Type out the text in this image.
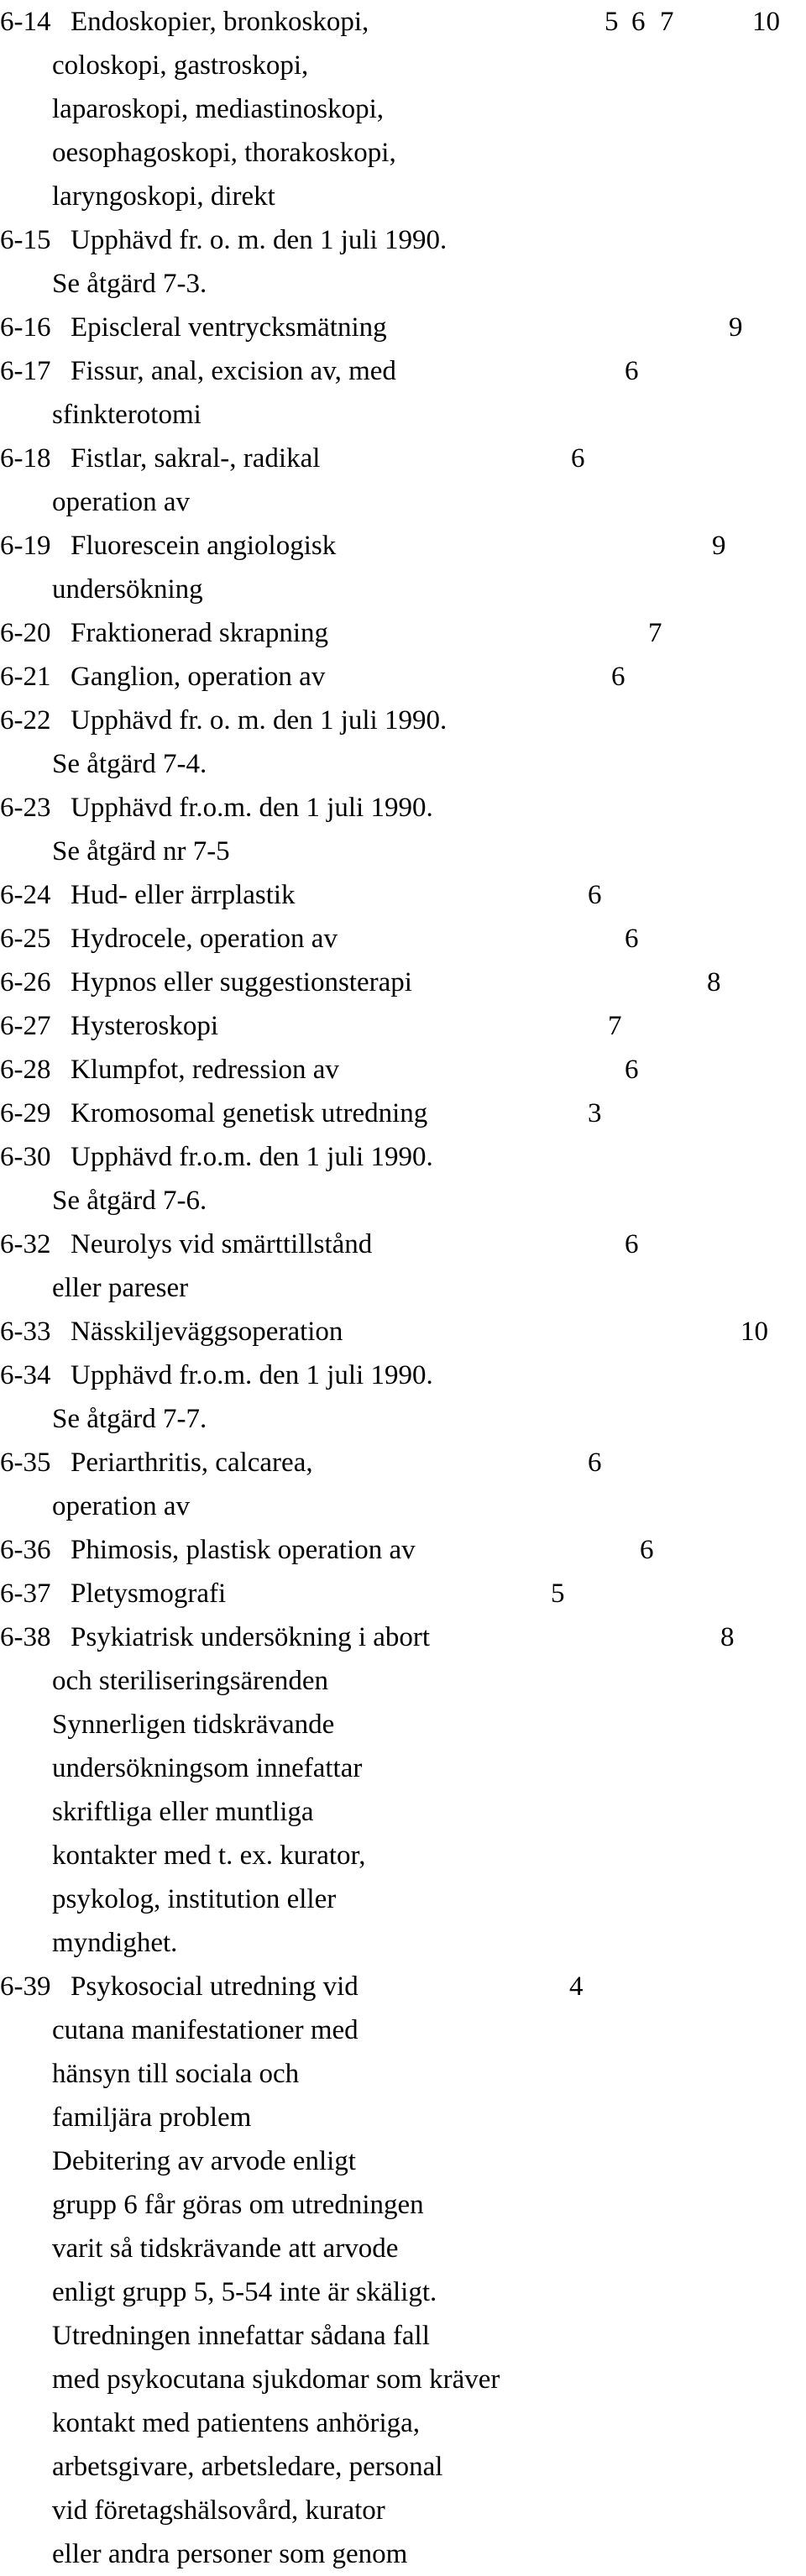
6-14 Endoskopier, bronkoskopi,	5 6 7	10
coloskopi, gastroskopi,
laparoskopi, mediastinoskopi,
oesophagoskopi, thorakoskopi,
laryngoskopi, direkt
6-15 Upphävd fr. o. m. den 1 juli 1990.
Se åtgärd 7-3.
6-16 Episcleral ventrycksmätning	9
6-17 Fissur, anal, excision av, med	6
sfinkterotomi
6-18 Fistlar, sakral-, radikal	6
operation av
6-19 Fluorescein angiologisk	9
undersökning
6-20 Fraktionerad skrapning	7
6-21 Ganglion, operation av	6
6-22 Upphävd fr. o. m. den 1 juli 1990.
Se åtgärd 7-4.
6-23 Upphävd fr.o.m. den 1 juli 1990.
Se åtgärd nr 7-5
6-24 Hud- eller ärrplastik	6
6-25 Hydrocele, operation av	6
6-26 Hypnos eller suggestionsterapi	8
6-27 Hysteroskopi	7
6-28 Klumpfot, redression av	6
6-29 Kromosomal genetisk utredning	3
6-30 Upphävd fr.o.m. den 1 juli 1990.
Se åtgärd 7-6.
6-32 Neurolys vid smärttillstånd	6
eller pareser
6-33 Nässkiljeväggsoperation	10
6-34 Upphävd fr.o.m. den 1 juli 1990.
Se åtgärd 7-7.
6-35 Periarthritis, calcarea,	6
operation av
6-36 Phimosis, plastisk operation av	6
6-37 Pletysmografi	5
6-38 Psykiatrisk undersökning i abort	8
och steriliseringsärenden
Synnerligen tidskrävande
undersökningsom innefattar
skriftliga eller muntliga
kontakter med t. ex. kurator,
psykolog, institution eller
myndighet.
6-39 Psykosocial utredning vid	4
cutana manifestationer med
hänsyn till sociala och
familjära problem
Debitering av arvode enligt
grupp 6 får göras om utredningen
varit så tidskrävande att arvode
enligt grupp 5, 5-54 inte är skäligt.
Utredningen innefattar sådana fall
med psykocutana sjukdomar som kräver
kontakt med patientens anhöriga,
arbetsgivare, arbetsledare, personal
vid företagshälsovård, kurator
eller andra personer som genom
